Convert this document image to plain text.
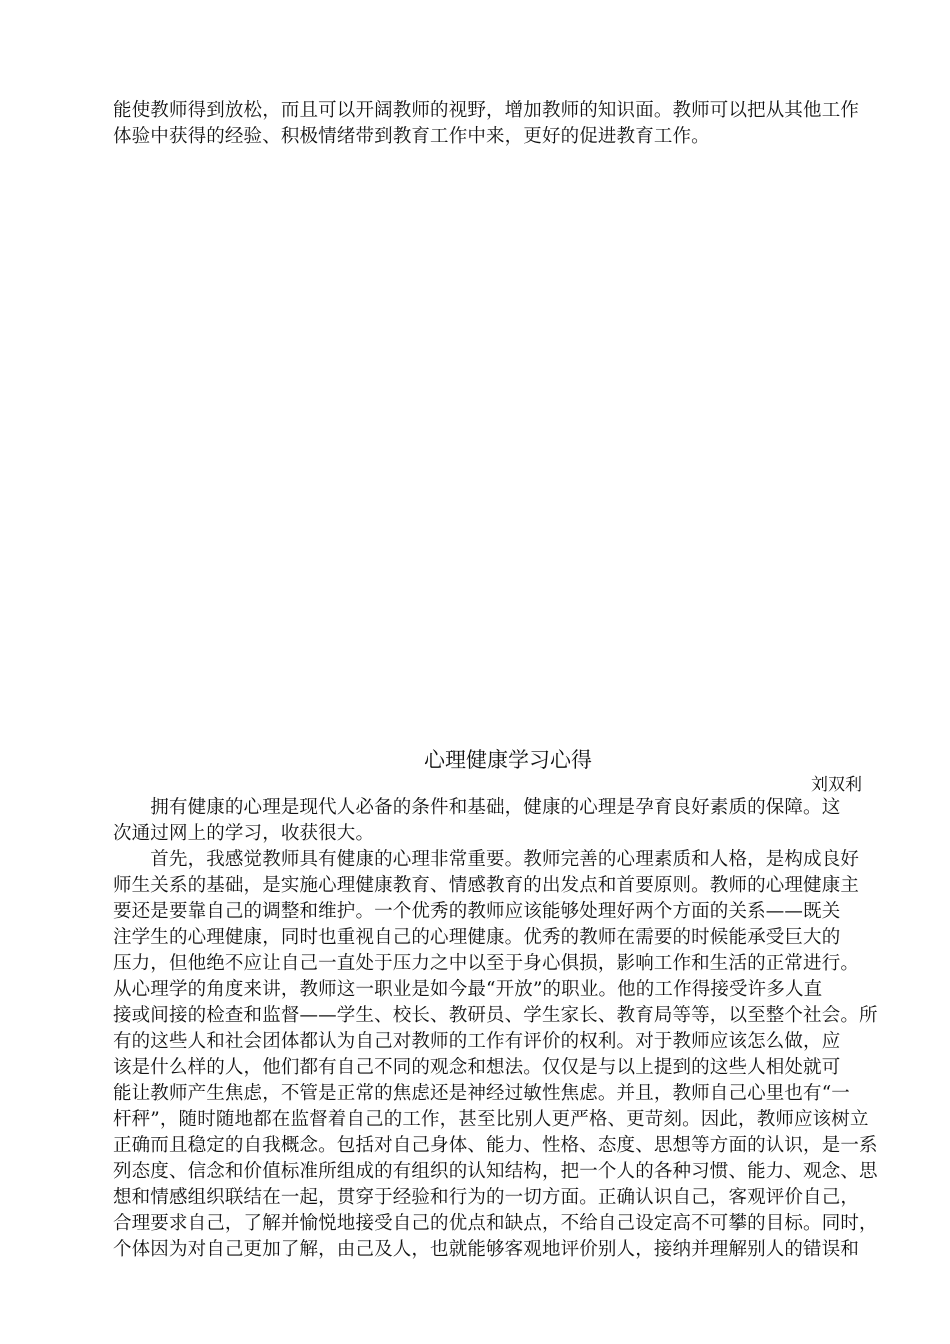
能使教师得到放松，而且可以开阔教师的视野，增加教师的知识面。教师可以把从其他工作
体验中获得的经验、积极情绪带到教育工作中来，更好的促进教育工作。
心理健康学习心得
刘双利
　　拥有健康的心理是现代人必备的条件和基础，健康的心理是孕育良好素质的保障。这
次通过网上的学习，收获很大。
　　首先，我感觉教师具有健康的心理非常重要。教师完善的心理素质和人格，是构成良好
师生关系的基础，是实施心理健康教育、情感教育的出发点和首要原则。教师的心理健康主
要还是要靠自己的调整和维护。一个优秀的教师应该能够处理好两个方面的关系——既关
注学生的心理健康，同时也重视自己的心理健康。优秀的教师在需要的时候能承受巨大的
压力，但他绝不应让自己一直处于压力之中以至于身心俱损，影响工作和生活的正常进行。
从心理学的角度来讲，教师这一职业是如今最“开放”的职业。他的工作得接受许多人直
接或间接的检查和监督——学生、校长、教研员、学生家长、教育局等等，以至整个社会。所
有的这些人和社会团体都认为自己对教师的工作有评价的权利。对于教师应该怎么做，应
该是什么样的人，他们都有自己不同的观念和想法。仅仅是与以上提到的这些人相处就可
能让教师产生焦虑，不管是正常的焦虑还是神经过敏性焦虑。并且，教师自己心里也有“一
杆秤”，随时随地都在监督着自己的工作，甚至比别人更严格、更苛刻。因此，教师应该树立
正确而且稳定的自我概念。包括对自己身体、能力、性格、态度、思想等方面的认识，是一系
列态度、信念和价值标准所组成的有组织的认知结构，把一个人的各种习惯、能力、观念、思
想和情感组织联结在一起，贯穿于经验和行为的一切方面。正确认识自己，客观评价自己，
合理要求自己，了解并愉悦地接受自己的优点和缺点，不给自己设定高不可攀的目标。同时，
个体因为对自己更加了解，由己及人，也就能够客观地评价别人，接纳并理解别人的错误和
